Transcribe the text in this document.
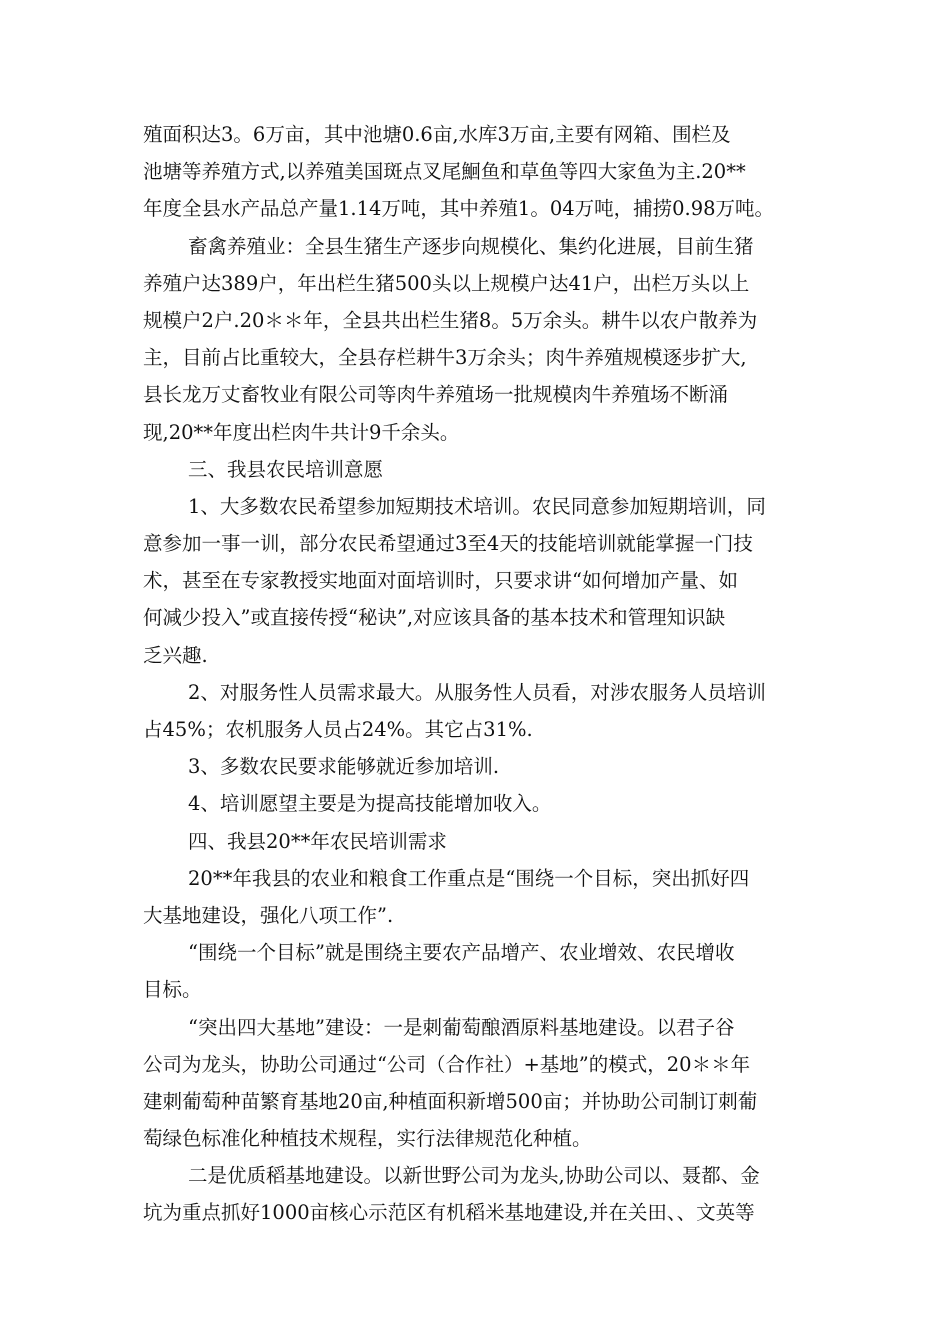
殖面积达3。6万亩，其中池塘0.6亩,水库3万亩,主要有网箱、围栏及
池塘等养殖方式,以养殖美国斑点叉尾鮰鱼和草鱼等四大家鱼为主.20**
年度全县水产品总产量1.14万吨，其中养殖1。04万吨，捕捞0.98万吨。
畜禽养殖业：全县生猪生产逐步向规模化、集约化进展，目前生猪
养殖户达389户，年出栏生猪500头以上规模户达41户，出栏万头以上
规模户2户.20＊＊年，全县共出栏生猪8。5万余头。耕牛以农户散养为
主，目前占比重较大，全县存栏耕牛3万余头；肉牛养殖规模逐步扩大,
县长龙万丈畜牧业有限公司等肉牛养殖场一批规模肉牛养殖场不断涌
现,20**年度出栏肉牛共计9千余头。
三、我县农民培训意愿
1、大多数农民希望参加短期技术培训。农民同意参加短期培训，同
意参加一事一训，部分农民希望通过3至4天的技能培训就能掌握一门技
术，甚至在专家教授实地面对面培训时，只要求讲“如何增加产量、如
何减少投入”或直接传授“秘诀”,对应该具备的基本技术和管理知识缺
乏兴趣.
2、对服务性人员需求最大。从服务性人员看，对涉农服务人员培训
占45%；农机服务人员占24%。其它占31%.
3、多数农民要求能够就近参加培训.
4、培训愿望主要是为提高技能增加收入。
四、我县20**年农民培训需求
20**年我县的农业和粮食工作重点是“围绕一个目标，突出抓好四
大基地建设，强化八项工作”.
“围绕一个目标”就是围绕主要农产品增产、农业增效、农民增收
目标。
“突出四大基地”建设：一是刺葡萄酿酒原料基地建设。以君子谷
公司为龙头，协助公司通过“公司（合作社）+基地”的模式，20＊＊年
建刺葡萄种苗繁育基地20亩,种植面积新增500亩；并协助公司制订刺葡
萄绿色标准化种植技术规程，实行法律规范化种植。
二是优质稻基地建设。以新世野公司为龙头,协助公司以、聂都、金
坑为重点抓好1000亩核心示范区有机稻米基地建设,并在关田、、文英等
